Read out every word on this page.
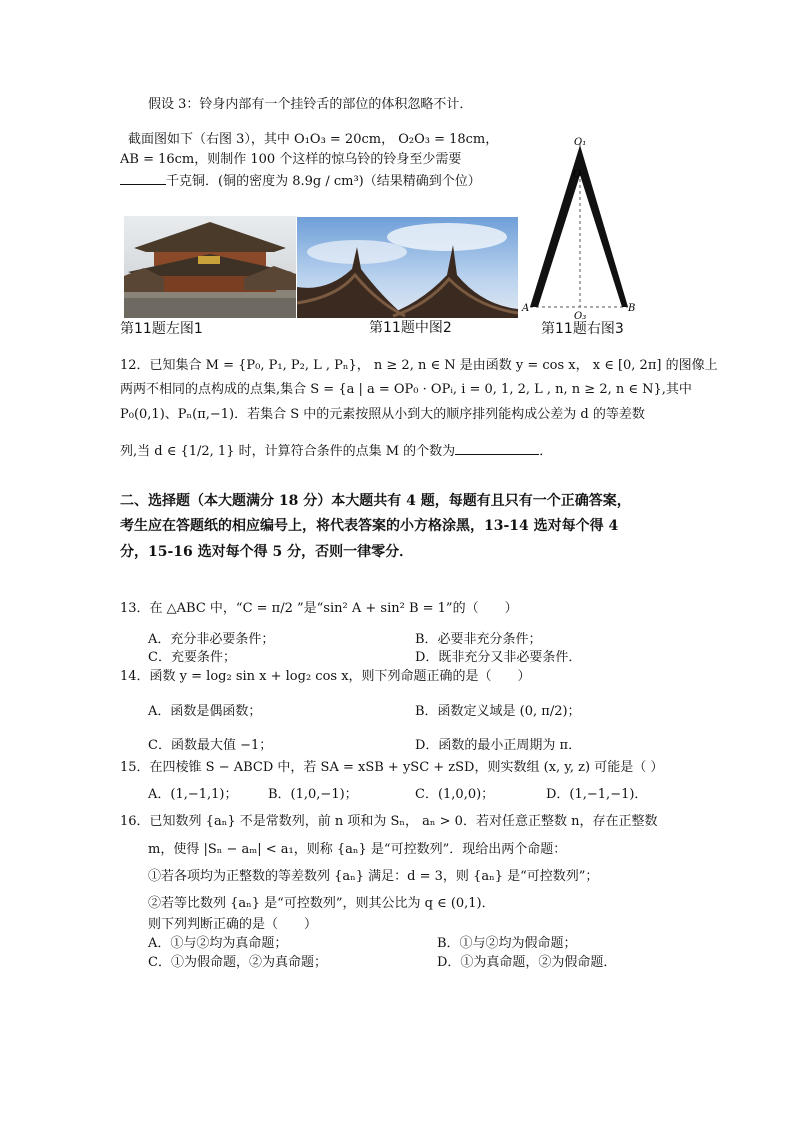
假设 3：铃身内部有一个挂铃舌的部位的体积忽略不计．
截面图如下（右图 3），其中 O₁O₃ = 20cm， O₂O₃ = 18cm，
AB = 16cm，则制作 100 个这样的惊乌铃的铃身至少需要
千克铜．(铜的密度为 8.9g / cm³)（结果精确到个位）
第11题左图1	第11题中图2
O₁
O
A	B
O₃
第11题右图3
12．已知集合 M = {P₀, P₁, P₂, L , Pₙ}， n ≥ 2, n ∈ N 是由函数 y = cos x， x ∈ [0, 2π] 的图像上
两两不相同的点构成的点集,集合 S = {a | a = OP₀ · OPᵢ, i = 0, 1, 2, L , n, n ≥ 2, n ∈ N},其中
P₀(0,1)、Pₙ(π,−1)．若集合 S 中的元素按照从小到大的顺序排列能构成公差为 d 的等差数
列,当 d ∈ {1/2, 1} 时，计算符合条件的点集 M 的个数为	．
二、选择题（本大题满分 18 分）本大题共有 4 题，每题有且只有一个正确答案，
考生应在答题纸的相应编号上，将代表答案的小方格涂黑，13-14 选对每个得 4
分，15-16 选对每个得 5 分，否则一律零分．
13．在 △ABC 中，“C = π/2 ”是“sin² A + sin² B = 1”的（　　）
A．充分非必要条件；	B．必要非充分条件；
C．充要条件；	D．既非充分又非必要条件．
14．函数 y = log₂ sin x + log₂ cos x，则下列命题正确的是（　　）
A．函数是偶函数；	B．函数定义域是 (0, π/2)；
C．函数最大值 −1；	D．函数的最小正周期为 π．
15．在四棱锥 S − ABCD 中，若 SA = xSB + ySC + zSD，则实数组 (x, y, z) 可能是（ ）
A．(1,−1,1)； B．(1,0,−1)；	C．(1,0,0)；	D．(1,−1,−1)．
16．已知数列 {aₙ} 不是常数列，前 n 项和为 Sₙ， aₙ > 0．若对任意正整数 n，存在正整数
m，使得 |Sₙ − aₘ| < a₁，则称 {aₙ} 是“可控数列”．现给出两个命题：
①若各项均为正整数的等差数列 {aₙ} 满足：d = 3，则 {aₙ} 是“可控数列”；
②若等比数列 {aₙ} 是“可控数列”，则其公比为 q ∈ (0,1)．
则下列判断正确的是（　　）
A．①与②均为真命题；	B．①与②均为假命题；
C．①为假命题，②为真命题；	D．①为真命题，②为假命题．
